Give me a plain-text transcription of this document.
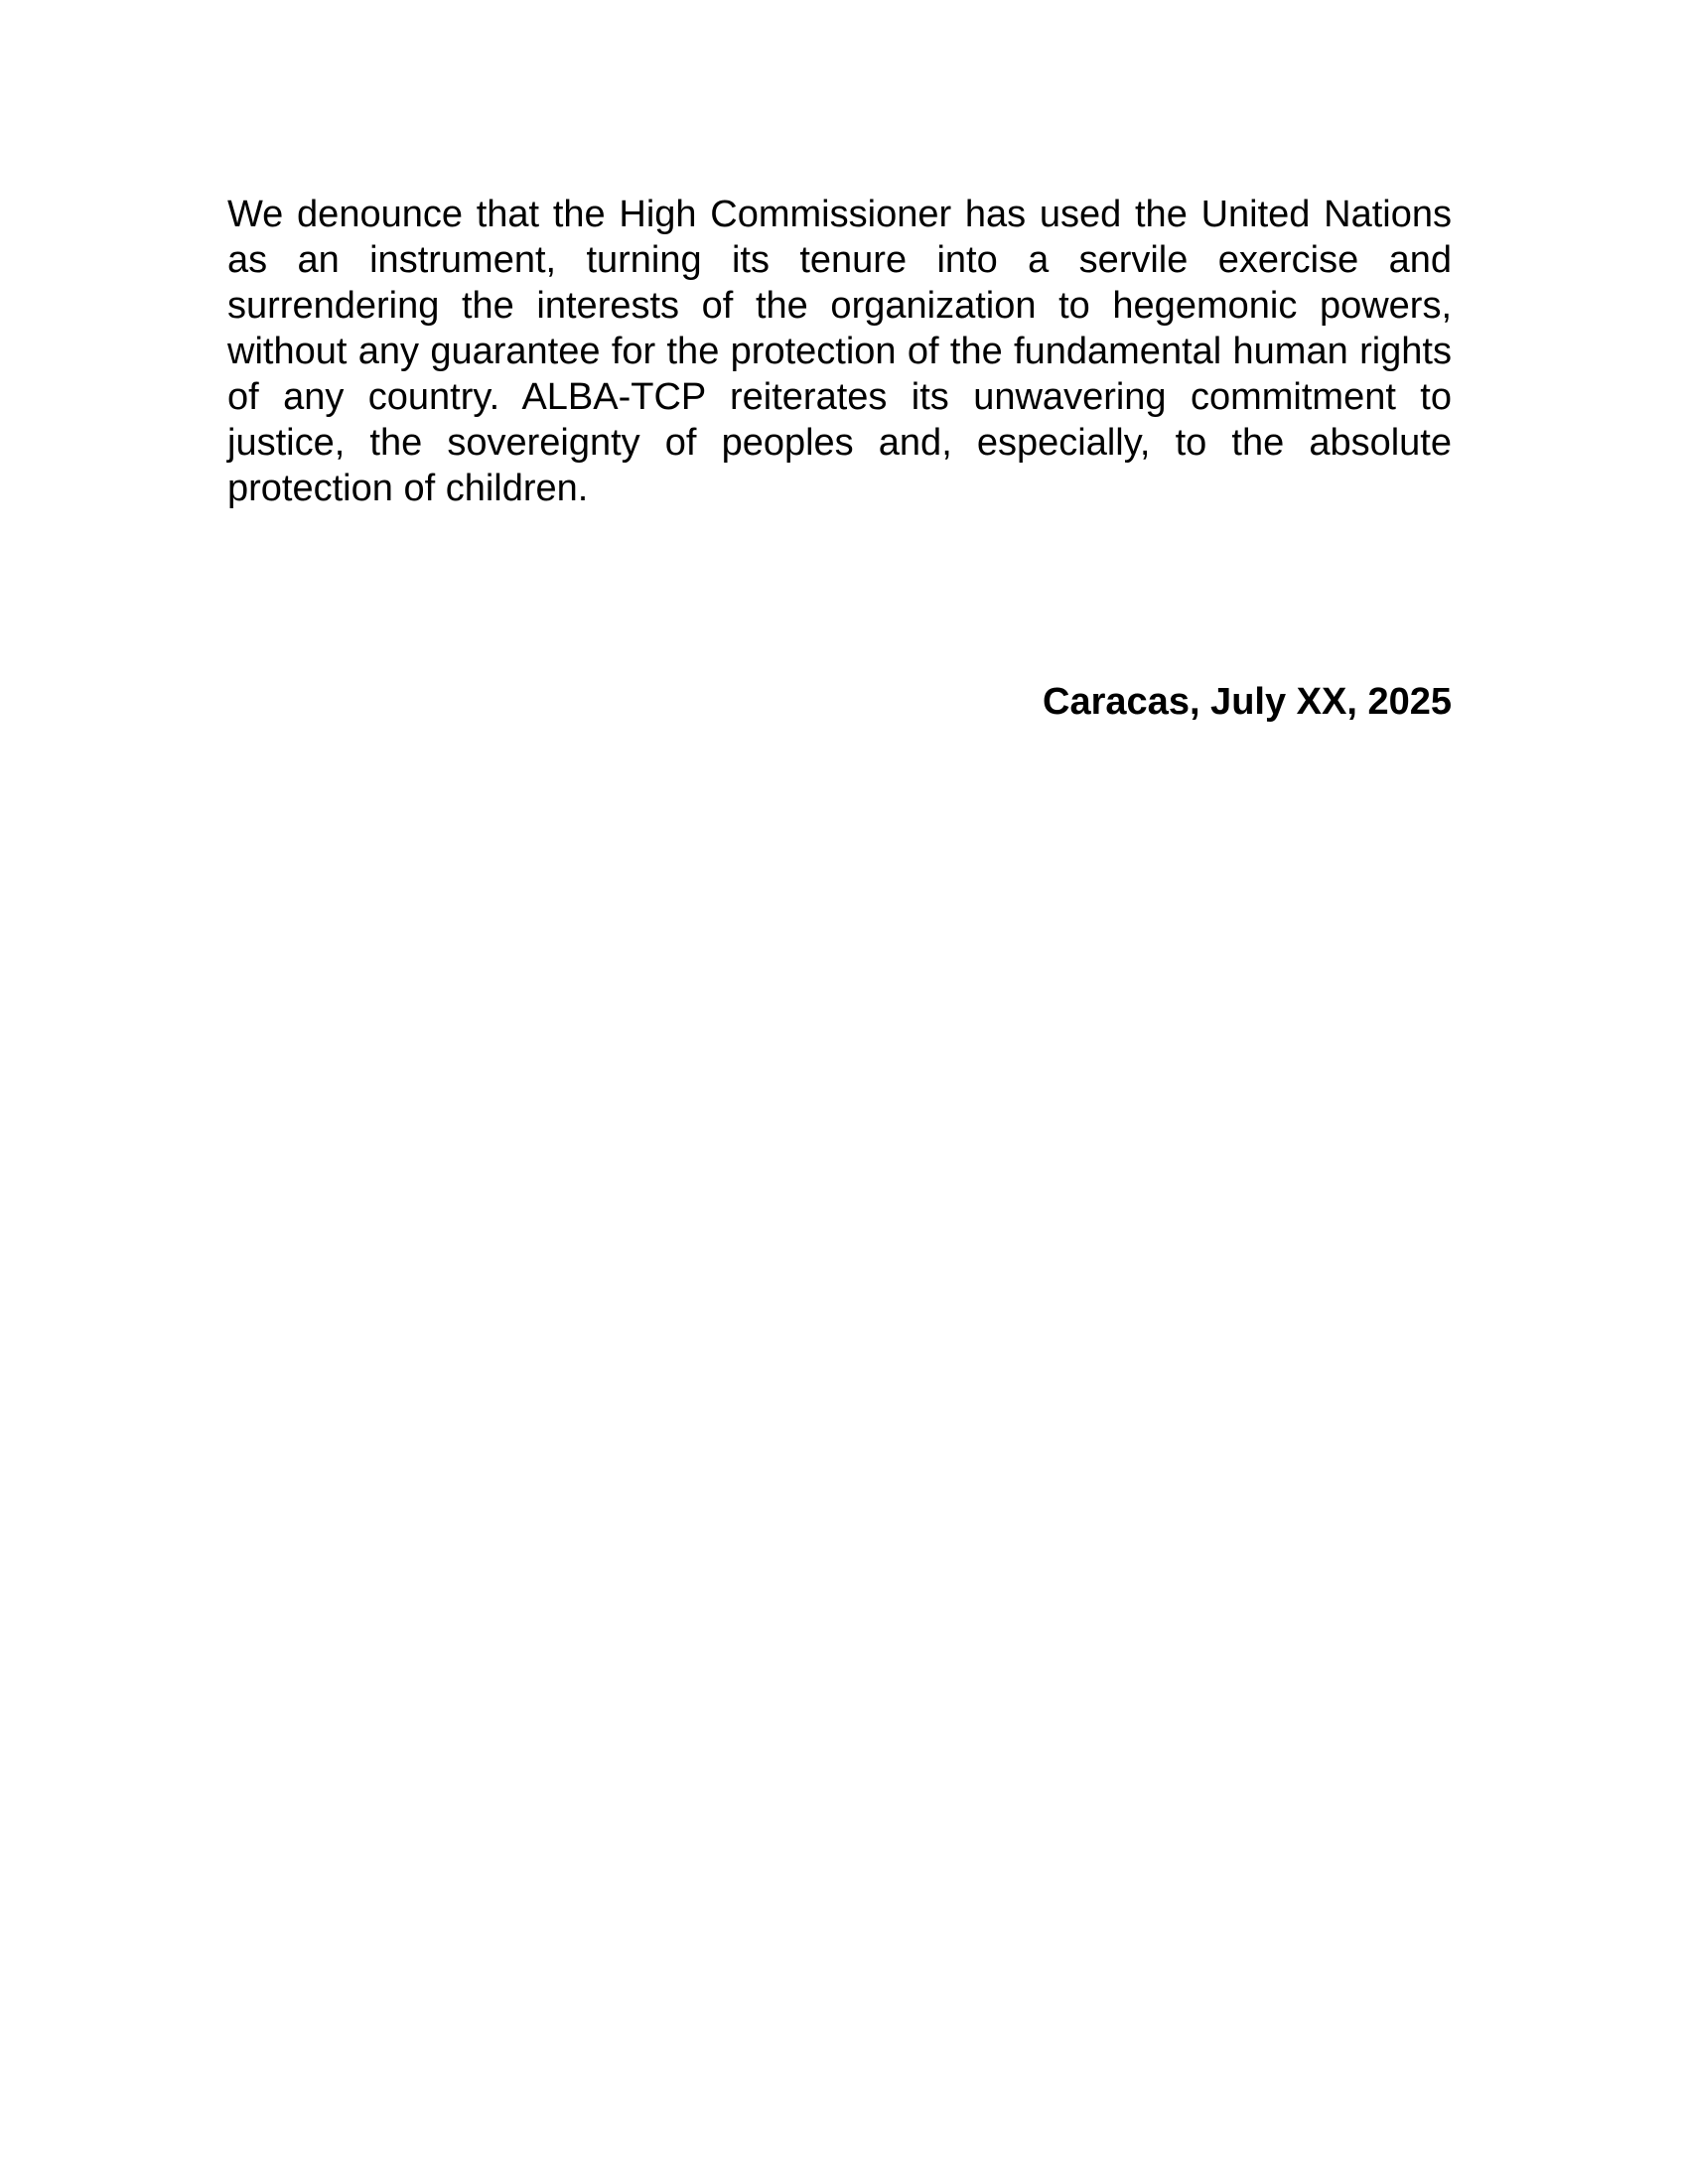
We denounce that the High Commissioner has used the United Nations
as an instrument, turning its tenure into a servile exercise and
surrendering the interests of the organization to hegemonic powers,
without any guarantee for the protection of the fundamental human rights
of any country. ALBA-TCP reiterates its unwavering commitment to
justice, the sovereignty of peoples and, especially, to the absolute
protection of children.
Caracas, July XX, 2025
